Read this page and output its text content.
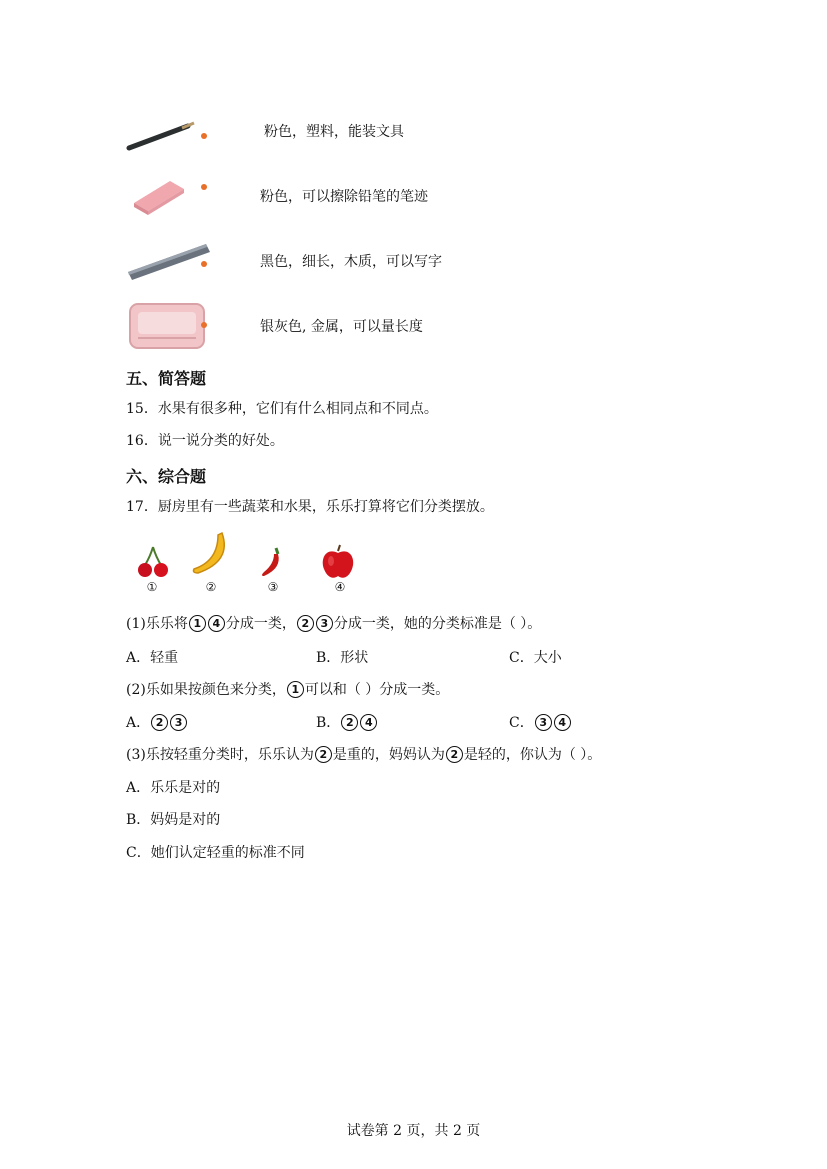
粉色，塑料，能装文具
粉色，可以擦除铅笔的笔迹
黑色，细长，木质，可以写字
银灰色, 金属，可以量长度
五、简答题
15．水果有很多种，它们有什么相同点和不同点。
16．说一说分类的好处。
六、综合题
17．厨房里有一些蔬菜和水果，乐乐打算将它们分类摆放。
①	②	③	④
(1)乐乐将 1 4 分成一类， 2 3 分成一类，她的分类标准是（ ）。
A．轻重	B．形状	C．大小
(2)乐如果按颜色来分类， 1 可以和（ ）分成一类。
A． 2 3	B． 2 4	C． 3 4
(3)乐按轻重分类时，乐乐认为 2 是重的，妈妈认为 2 是轻的，你认为（ ）。
A．乐乐是对的
B．妈妈是对的
C．她们认定轻重的标准不同
试卷第 2 页，共 2 页
